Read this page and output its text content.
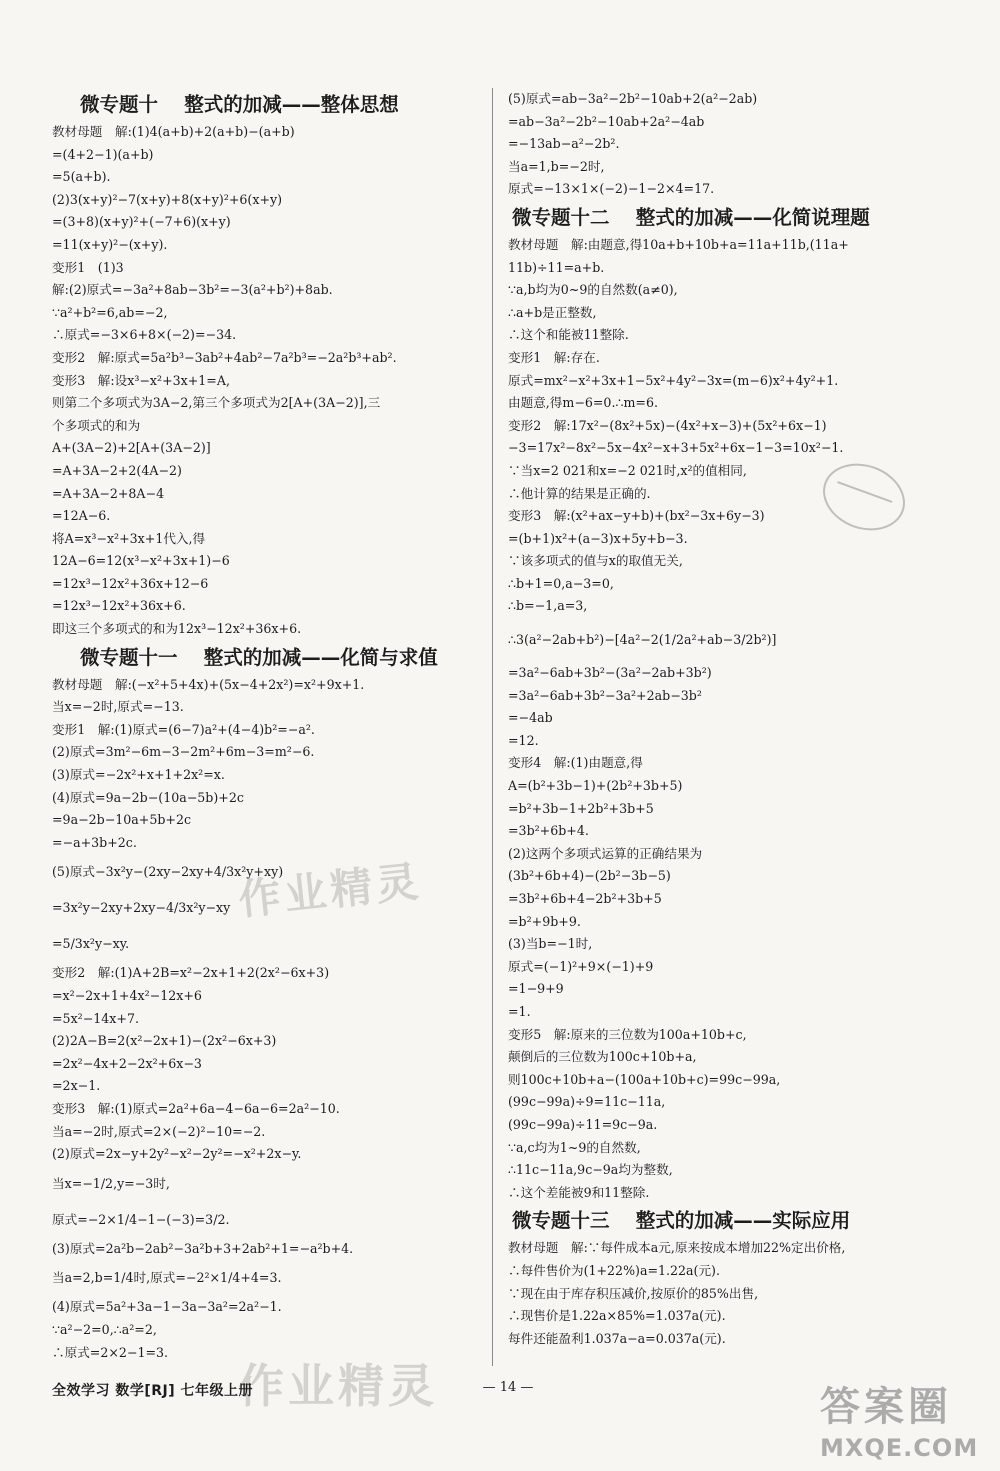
微专题十　 整式的加减——整体思想
教材母题　解:(1)4(a+b)+2(a+b)−(a+b)
=(4+2−1)(a+b)
=5(a+b).
(2)3(x+y)²−7(x+y)+8(x+y)²+6(x+y)
=(3+8)(x+y)²+(−7+6)(x+y)
=11(x+y)²−(x+y).
变形1　(1)3
解:(2)原式=−3a²+8ab−3b²=−3(a²+b²)+8ab.
∵a²+b²=6,ab=−2,
∴原式=−3×6+8×(−2)=−34.
变形2　解:原式=5a²b³−3ab²+4ab²−7a²b³=−2a²b³+ab².
变形3　解:设x³−x²+3x+1=A,
则第二个多项式为3A−2,第三个多项式为2[A+(3A−2)],三
个多项式的和为
A+(3A−2)+2[A+(3A−2)]
=A+3A−2+2(4A−2)
=A+3A−2+8A−4
=12A−6.
将A=x³−x²+3x+1代入,得
12A−6=12(x³−x²+3x+1)−6
=12x³−12x²+36x+12−6
=12x³−12x²+36x+6.
即这三个多项式的和为12x³−12x²+36x+6.
微专题十一　 整式的加减——化简与求值
教材母题　解:(−x²+5+4x)+(5x−4+2x²)=x²+9x+1.
当x=−2时,原式=−13.
变形1　解:(1)原式=(6−7)a²+(4−4)b²=−a².
(2)原式=3m²−6m−3−2m²+6m−3=m²−6.
(3)原式=−2x²+x+1+2x²=x.
(4)原式=9a−2b−(10a−5b)+2c
=9a−2b−10a+5b+2c
=−a+3b+2c.
(5)原式−3x²y−(2xy−2xy+4/3x²y+xy)
=3x²y−2xy+2xy−4/3x²y−xy
=5/3x²y−xy.
变形2　解:(1)A+2B=x²−2x+1+2(2x²−6x+3)
=x²−2x+1+4x²−12x+6
=5x²−14x+7.
(2)2A−B=2(x²−2x+1)−(2x²−6x+3)
=2x²−4x+2−2x²+6x−3
=2x−1.
变形3　解:(1)原式=2a²+6a−4−6a−6=2a²−10.
当a=−2时,原式=2×(−2)²−10=−2.
(2)原式=2x−y+2y²−x²−2y²=−x²+2x−y.
当x=−1/2,y=−3时,
原式=−2×1/4−1−(−3)=3/2.
(3)原式=2a²b−2ab²−3a²b+3+2ab²+1=−a²b+4.
当a=2,b=1/4时,原式=−2²×1/4+4=3.
(4)原式=5a²+3a−1−3a−3a²=2a²−1.
∵a²−2=0,∴a²=2,
∴原式=2×2−1=3.
(5)原式=ab−3a²−2b²−10ab+2(a²−2ab)
=ab−3a²−2b²−10ab+2a²−4ab
=−13ab−a²−2b².
当a=1,b=−2时,
原式=−13×1×(−2)−1−2×4=17.
微专题十二　 整式的加减——化简说理题
教材母题　解:由题意,得10a+b+10b+a=11a+11b,(11a+
11b)÷11=a+b.
∵a,b均为0~9的自然数(a≠0),
∴a+b是正整数,
∴这个和能被11整除.
变形1　解:存在.
原式=mx²−x²+3x+1−5x²+4y²−3x=(m−6)x²+4y²+1.
由题意,得m−6=0.∴m=6.
变形2　解:17x²−(8x²+5x)−(4x²+x−3)+(5x²+6x−1)
−3=17x²−8x²−5x−4x²−x+3+5x²+6x−1−3=10x²−1.
∵当x=2 021和x=−2 021时,x²的值相同,
∴他计算的结果是正确的.
变形3　解:(x²+ax−y+b)+(bx²−3x+6y−3)
=(b+1)x²+(a−3)x+5y+b−3.
∵该多项式的值与x的取值无关,
∴b+1=0,a−3=0,
∴b=−1,a=3,
∴3(a²−2ab+b²)−[4a²−2(1/2a²+ab−3/2b²)]
=3a²−6ab+3b²−(3a²−2ab+3b²)
=3a²−6ab+3b²−3a²+2ab−3b²
=−4ab
=12.
变形4　解:(1)由题意,得
A=(b²+3b−1)+(2b²+3b+5)
=b²+3b−1+2b²+3b+5
=3b²+6b+4.
(2)这两个多项式运算的正确结果为
(3b²+6b+4)−(2b²−3b−5)
=3b²+6b+4−2b²+3b+5
=b²+9b+9.
(3)当b=−1时,
原式=(−1)²+9×(−1)+9
=1−9+9
=1.
变形5　解:原来的三位数为100a+10b+c,
颠倒后的三位数为100c+10b+a,
则100c+10b+a−(100a+10b+c)=99c−99a,
(99c−99a)÷9=11c−11a,
(99c−99a)÷11=9c−9a.
∵a,c均为1~9的自然数,
∴11c−11a,9c−9a均为整数,
∴这个差能被9和11整除.
微专题十三　 整式的加减——实际应用
教材母题　解:∵每件成本a元,原来按成本增加22%定出价格,
∴每件售价为(1+22%)a=1.22a(元).
∵现在由于库存积压减价,按原价的85%出售,
∴现售价是1.22a×85%=1.037a(元).
每件还能盈利1.037a−a=0.037a(元).
作业精灵
作业精灵	答案圈
MXQE.COM
全效学习 数学[RJ] 七年级上册	— 14 —
